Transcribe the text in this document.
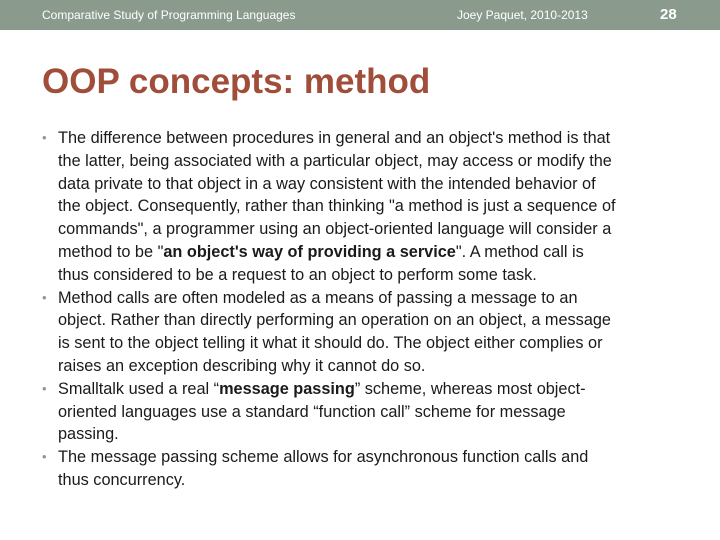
Comparative Study of Programming Languages	Joey Paquet, 2010-2013	28
OOP concepts: method
• The difference between procedures in general and an object's method is that
the latter, being associated with a particular object, may access or modify the
data private to that object in a way consistent with the intended behavior of
the object. Consequently, rather than thinking "a method is just a sequence of
commands", a programmer using an object-oriented language will consider a
method to be "an object's way of providing a service". A method call is
thus considered to be a request to an object to perform some task.
• Method calls are often modeled as a means of passing a message to an
object. Rather than directly performing an operation on an object, a message
is sent to the object telling it what it should do. The object either complies or
raises an exception describing why it cannot do so.
• Smalltalk used a real “message passing” scheme, whereas most object-
oriented languages use a standard “function call” scheme for message
passing.
• The message passing scheme allows for asynchronous function calls and
thus concurrency.
